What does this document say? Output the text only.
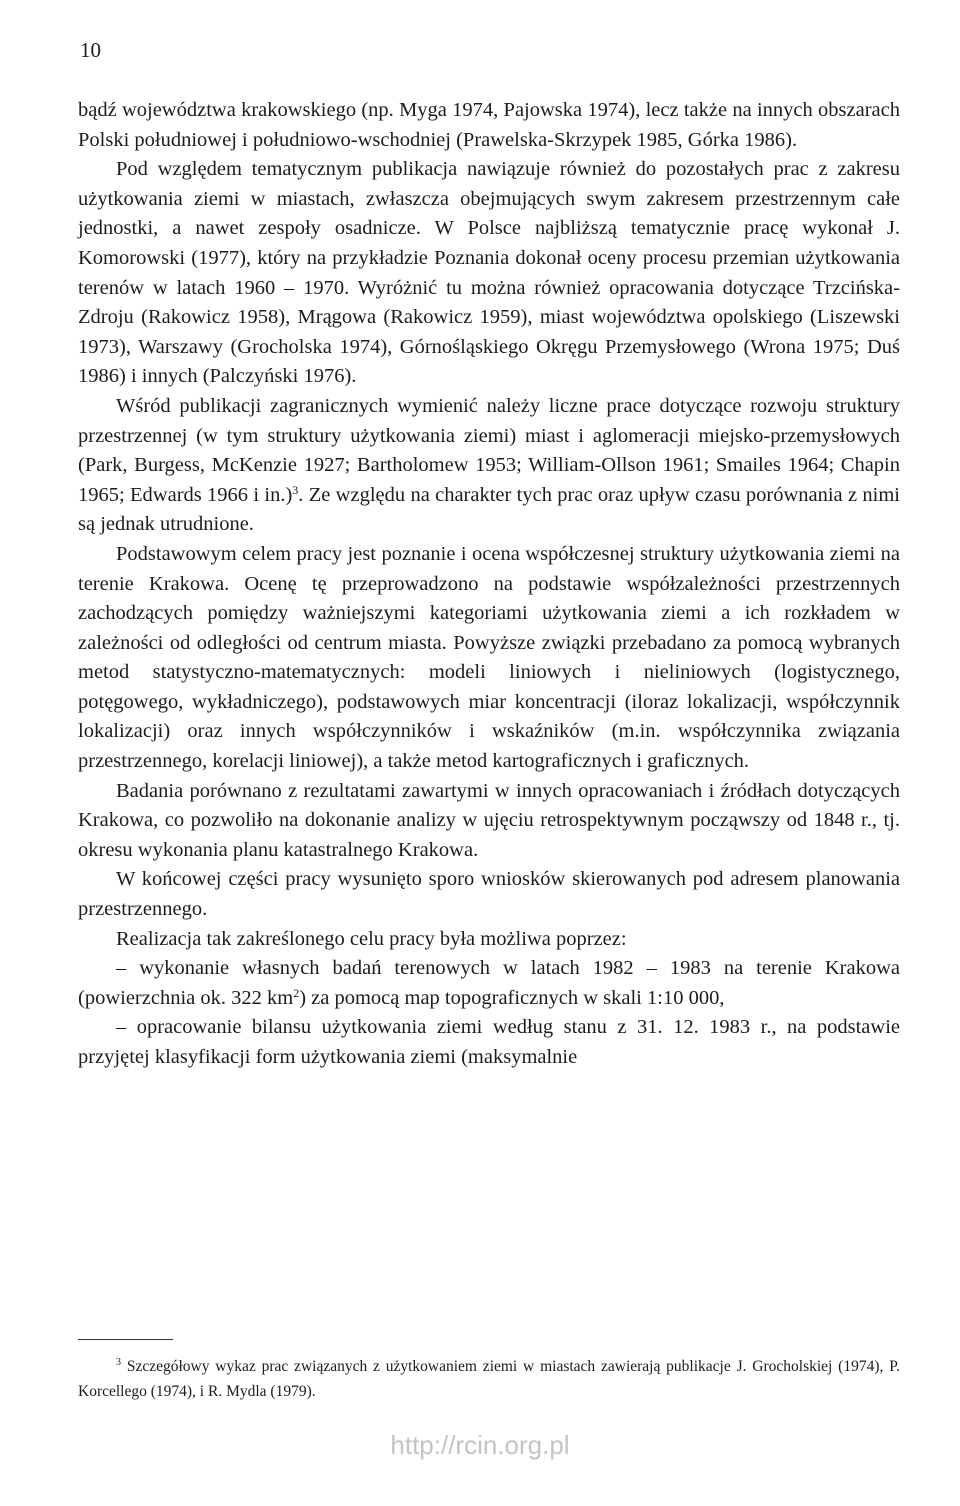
10

bądź województwa krakowskiego (np. Myga 1974, Pajowska 1974), lecz także na innych obszarach Polski południowej i południowo-wschodniej (Prawelska-Skrzypek 1985, Górka 1986).

Pod względem tematycznym publikacja nawiązuje również do pozostałych prac z zakresu użytkowania ziemi w miastach, zwłaszcza obejmujących swym zakresem przestrzennym całe jednostki, a nawet zespoły osadnicze. W Polsce najbliższą tematycznie pracę wykonał J. Komorowski (1977), który na przykładzie Poznania dokonał oceny procesu przemian użytkowania terenów w latach 1960 – 1970. Wyróżnić tu można również opracowania dotyczące Trzcińska-Zdroju (Rakowicz 1958), Mrągowa (Rakowicz 1959), miast województwa opolskiego (Liszewski 1973), Warszawy (Grocholska 1974), Górnośląskiego Okręgu Przemysłowego (Wrona 1975; Duś 1986) i innych (Palczyński 1976).

Wśród publikacji zagranicznych wymienić należy liczne prace dotyczące rozwoju struktury przestrzennej (w tym struktury użytkowania ziemi) miast i aglomeracji miejsko-przemysłowych (Park, Burgess, McKenzie 1927; Bartholomew 1953; William-Ollson 1961; Smailes 1964; Chapin 1965; Edwards 1966 i in.)$^3$. Ze względu na charakter tych prac oraz upływ czasu porównania z nimi są jednak utrudnione.

Podstawowym celem pracy jest poznanie i ocena współczesnej struktury użytkowania ziemi na terenie Krakowa. Ocenę tę przeprowadzono na podstawie współzależności przestrzennych zachodzących pomiędzy ważniejszymi kategoriami użytkowania ziemi a ich rozkładem w zależności od odległości od centrum miasta. Powyższe związki przebadano za pomocą wybranych metod statystyczno-matematycznych: modeli liniowych i nieliniowych (logistycznego, potęgowego, wykładniczego), podstawowych miar koncentracji (iloraz lokalizacji, współczynnik lokalizacji) oraz innych współczynników i wskaźników (m.in. współczynnika związania przestrzennego, korelacji liniowej), a także metod kartograficznych i graficznych.

Badania porównano z rezultatami zawartymi w innych opracowaniach i źródłach dotyczących Krakowa, co pozwoliło na dokonanie analizy w ujęciu retrospektywnym począwszy od 1848 r., tj. okresu wykonania planu katastralnego Krakowa.

W końcowej części pracy wysunięto sporo wniosków skierowanych pod adresem planowania przestrzennego.

Realizacja tak zakreślonego celu pracy była możliwa poprzez:

– wykonanie własnych badań terenowych w latach 1982 – 1983 na terenie Krakowa (powierzchnia ok. 322 $km^2$) za pomocą map topograficznych w skali 1:10 000,

– opracowanie bilansu użytkowania ziemi według stanu z 31. 12. 1983 r., na podstawie przyjętej klasyfikacji form użytkowania ziemi (maksymalnie

$^3$ Szczegółowy wykaz prac związanych z użytkowaniem ziemi w miastach zawierają publikacje J. Grocholskiej (1974), P. Korcellego (1974), i R. Mydla (1979).

http://rcin.org.pl
